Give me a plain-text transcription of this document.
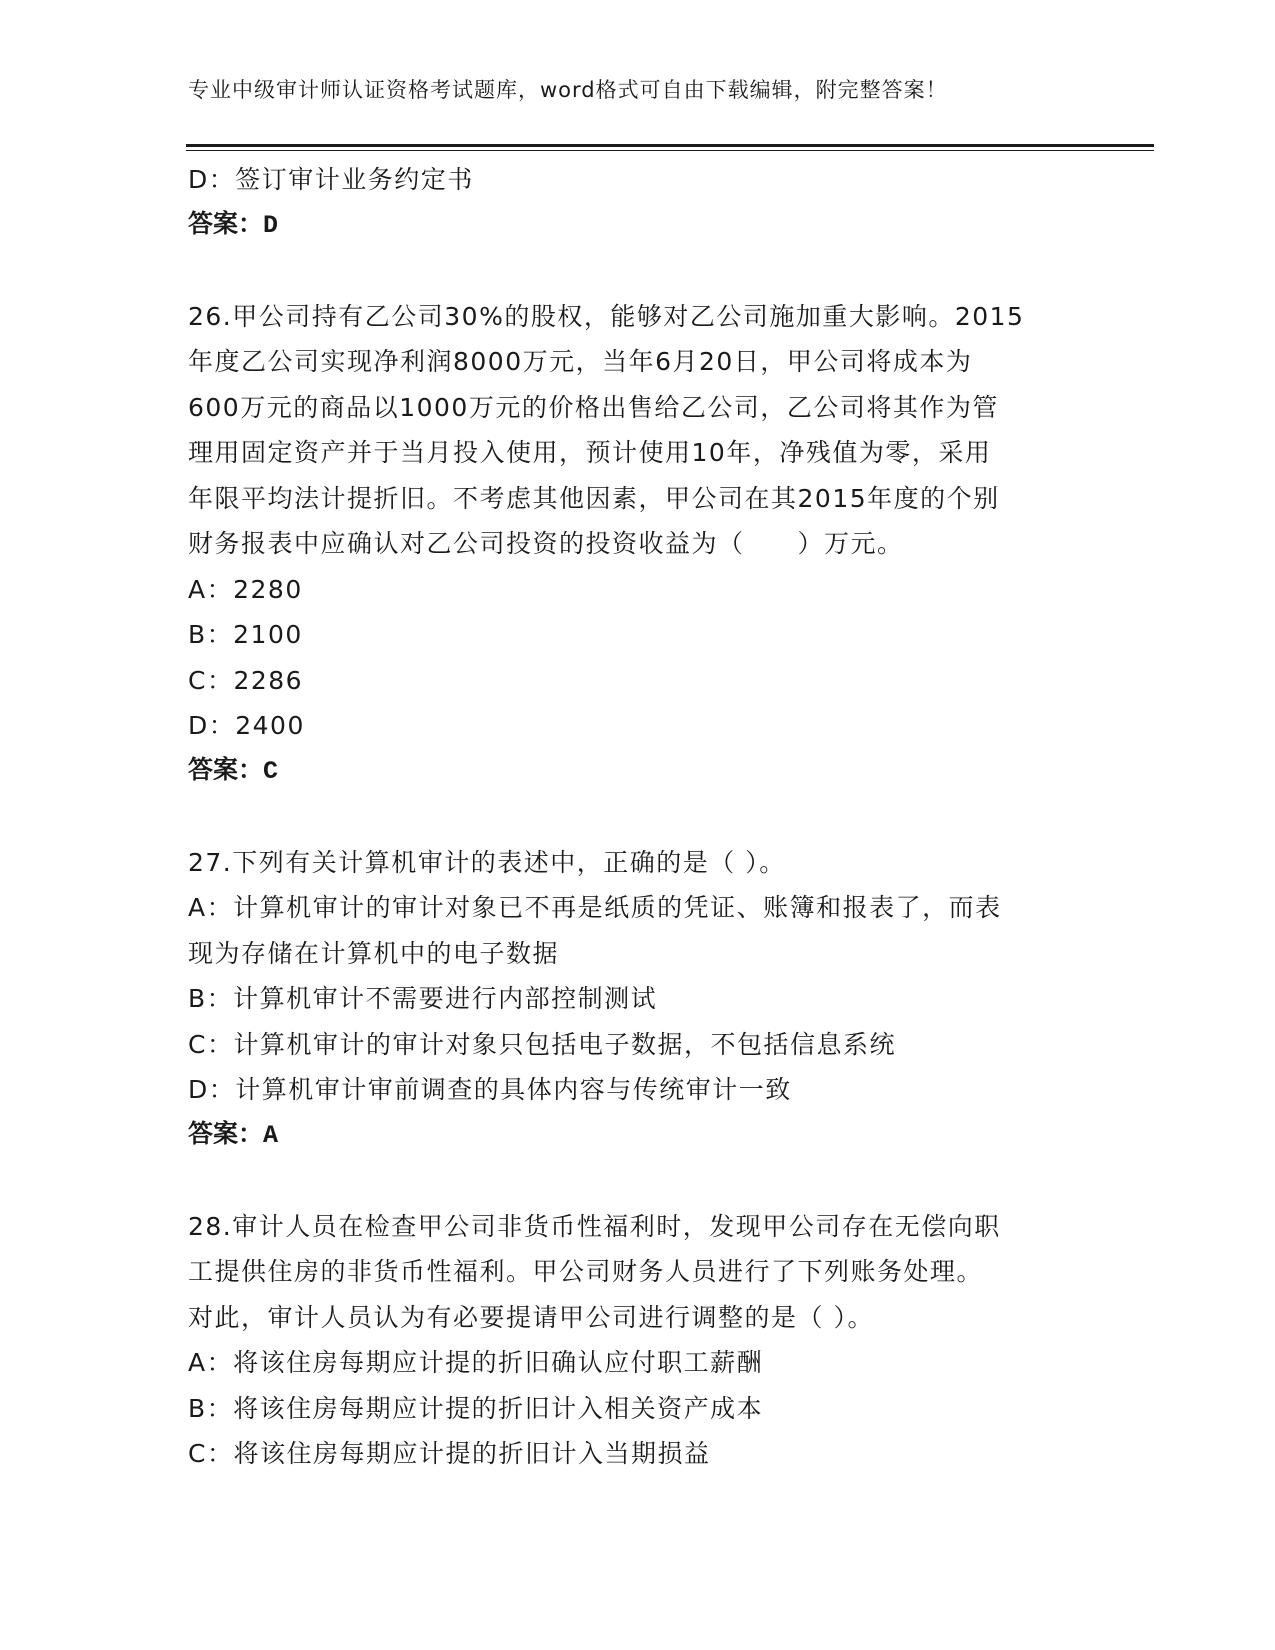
专业中级审计师认证资格考试题库，word格式可自由下载编辑，附完整答案！
D：签订审计业务约定书
答案：D
26.甲公司持有乙公司30%的股权，能够对乙公司施加重大影响。2015
年度乙公司实现净利润8000万元，当年6月20日，甲公司将成本为
600万元的商品以1000万元的价格出售给乙公司，乙公司将其作为管
理用固定资产并于当月投入使用，预计使用10年，净残值为零，采用
年限平均法计提折旧。不考虑其他因素，甲公司在其2015年度的个别
财务报表中应确认对乙公司投资的投资收益为（　　）万元。
A：2280
B：2100
C：2286
D：2400
答案：C
27.下列有关计算机审计的表述中，正确的是（ ）。
A：计算机审计的审计对象已不再是纸质的凭证、账簿和报表了，而表
现为存储在计算机中的电子数据
B：计算机审计不需要进行内部控制测试
C：计算机审计的审计对象只包括电子数据，不包括信息系统
D：计算机审计审前调查的具体内容与传统审计一致
答案：A
28.审计人员在检查甲公司非货币性福利时，发现甲公司存在无偿向职
工提供住房的非货币性福利。甲公司财务人员进行了下列账务处理。
对此，审计人员认为有必要提请甲公司进行调整的是（ ）。
A：将该住房每期应计提的折旧确认应付职工薪酬
B：将该住房每期应计提的折旧计入相关资产成本
C：将该住房每期应计提的折旧计入当期损益
